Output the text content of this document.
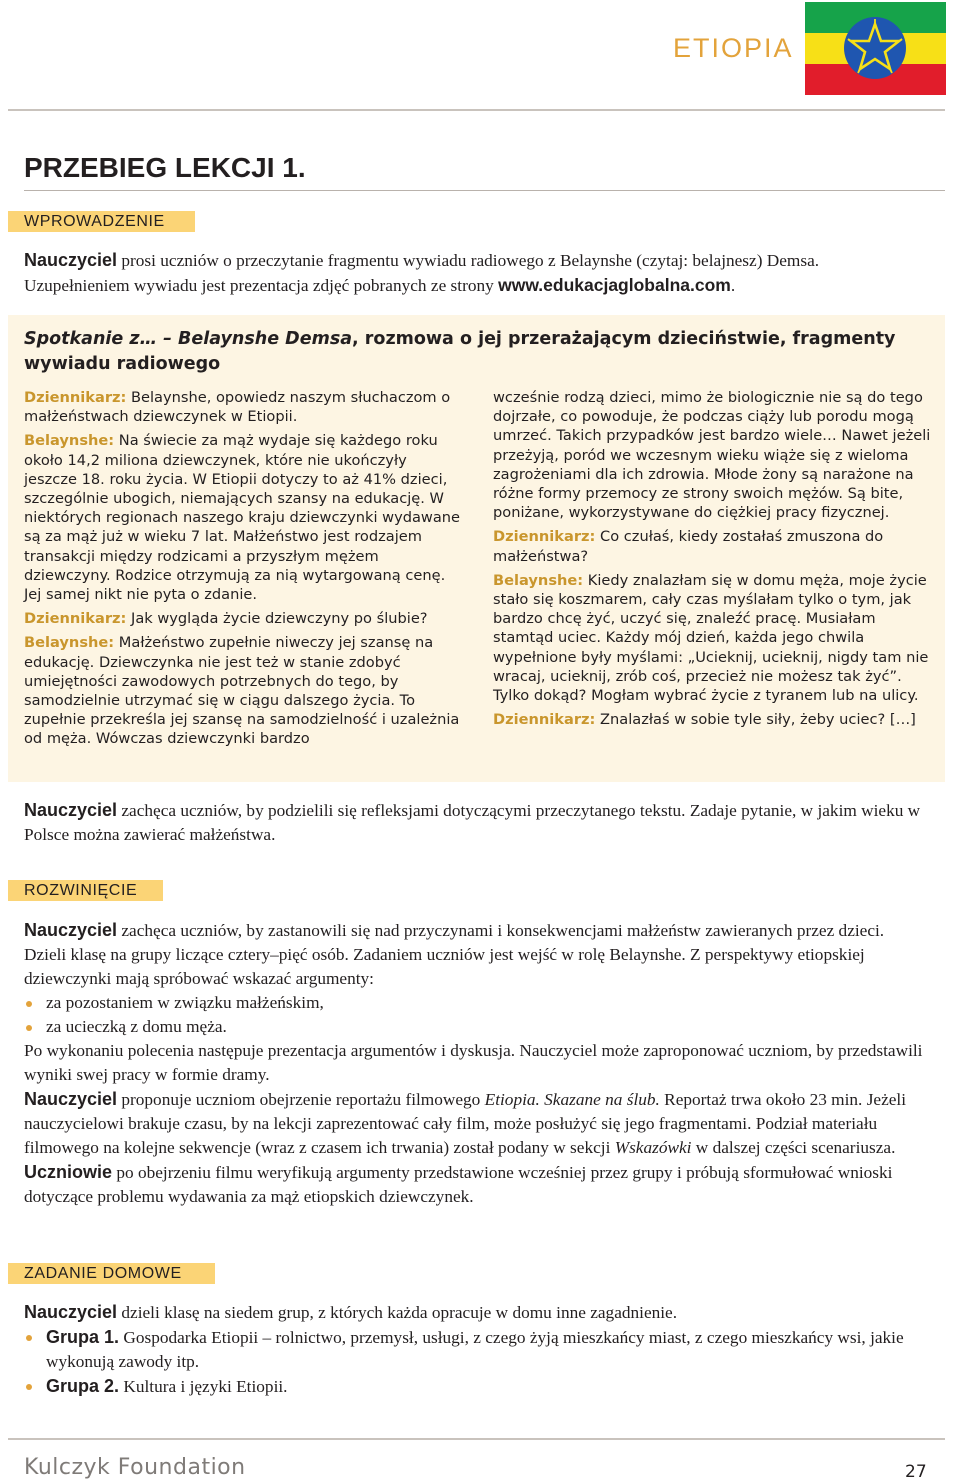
ETIOPIA
PRZEBIEG LEKCJI 1.
WPROWADZENIE
Nauczyciel prosi uczniów o przeczytanie fragmentu wywiadu radiowego z Belaynshe (czytaj: belajnesz) Demsa. Uzupełnieniem wywiadu jest prezentacja zdjęć pobranych ze strony www.edukacjaglobalna.com.
Spotkanie z… – Belaynshe Demsa, rozmowa o jej przerażającym dzieciństwie, fragmenty wywiadu radiowego

Dziennikarz: Belaynshe, opowiedz naszym słuchaczom o małżeństwach dziewczynek w Etiopii.

Belaynshe: Na świecie za mąż wydaje się każdego roku około 14,2 miliona dziewczynek, które nie ukończyły jeszcze 18. roku życia. W Etiopii dotyczy to aż 41% dzieci, szczególnie ubogich, niemających szansy na edukację. W niektórych regionach naszego kraju dziewczynki wydawane są za mąż już w wieku 7 lat. Małżeństwo jest rodzajem transakcji między rodzicami a przyszłym mężem dziewczyny. Rodzice otrzymują za nią wytargowaną cenę. Jej samej nikt nie pyta o zdanie.

Dziennikarz: Jak wygląda życie dziewczyny po ślubie?

Belaynshe: Małżeństwo zupełnie niweczy jej szansę na edukację. Dziewczynka nie jest też w stanie zdobyć umiejętności zawodowych potrzebnych do tego, by samodzielnie utrzymać się w ciągu dalszego życia. To zupełnie przekreśla jej szansę na samodzielność i uzależnia od męża. Wówczas dziewczynki bardzo

wcześnie rodzą dzieci, mimo że biologicznie nie są do tego dojrzałe, co powoduje, że podczas ciąży lub porodu mogą umrzeć. Takich przypadków jest bardzo wiele… Nawet jeżeli przeżyją, poród we wczesnym wieku wiąże się z wieloma zagrożeniami dla ich zdrowia. Młode żony są narażone na różne formy przemocy ze strony swoich mężów. Są bite, poniżane, wykorzystywane do ciężkiej pracy fizycznej.

Dziennikarz: Co czułaś, kiedy zostałaś zmuszona do małżeństwa?

Belaynshe: Kiedy znalazłam się w domu męża, moje życie stało się koszmarem, cały czas myślałam tylko o tym, jak bardzo chcę żyć, uczyć się, znaleźć pracę. Musiałam stamtąd uciec. Każdy mój dzień, każda jego chwila wypełnione były myślami: „Ucieknij, ucieknij, nigdy tam nie wracaj, ucieknij, zrób coś, przecież nie możesz tak żyć”. Tylko dokąd? Mogłam wybrać życie z tyranem lub na ulicy.

Dziennikarz: Znalazłaś w sobie tyle siły, żeby uciec? […]

Nauczyciel zachęca uczniów, by podzielili się refleksjami dotyczącymi przeczytanego tekstu. Zadaje pytanie, w jakim wieku w Polsce można zawierać małżeństwa.
ROZWINIĘCIE
Nauczyciel zachęca uczniów, by zastanowili się nad przyczynami i konsekwencjami małżeństw zawieranych przez dzieci. Dzieli klasę na grupy liczące cztery–pięć osób. Zadaniem uczniów jest wejść w rolę Belaynshe. Z perspektywy etiopskiej dziewczynki mają spróbować wskazać argumenty:
za pozostaniem w związku małżeńskim,
za ucieczką z domu męża.
Po wykonaniu polecenia następuje prezentacja argumentów i dyskusja. Nauczyciel może zaproponować uczniom, by przedstawili wyniki swej pracy w formie dramy.
Nauczyciel proponuje uczniom obejrzenie reportażu filmowego Etiopia. Skazane na ślub. Reportaż trwa około 23 min. Jeżeli nauczycielowi brakuje czasu, by na lekcji zaprezentować cały film, może posłużyć się jego fragmentami. Podział materiału filmowego na kolejne sekwencje (wraz z czasem ich trwania) został podany w sekcji Wskazówki w dalszej części scenariusza.
Uczniowie po obejrzeniu filmu weryfikują argumenty przedstawione wcześniej przez grupy i próbują sformułować wnioski dotyczące problemu wydawania za mąż etiopskich dziewczynek.
ZADANIE DOMOWE
Nauczyciel dzieli klasę na siedem grup, z których każda opracuje w domu inne zagadnienie.
Grupa 1. Gospodarka Etiopii – rolnictwo, przemysł, usługi, z czego żyją mieszkańcy miast, z czego mieszkańcy wsi, jakie wykonują zawody itp.
Grupa 2. Kultura i języki Etiopii.
Kulczyk Foundation	27
